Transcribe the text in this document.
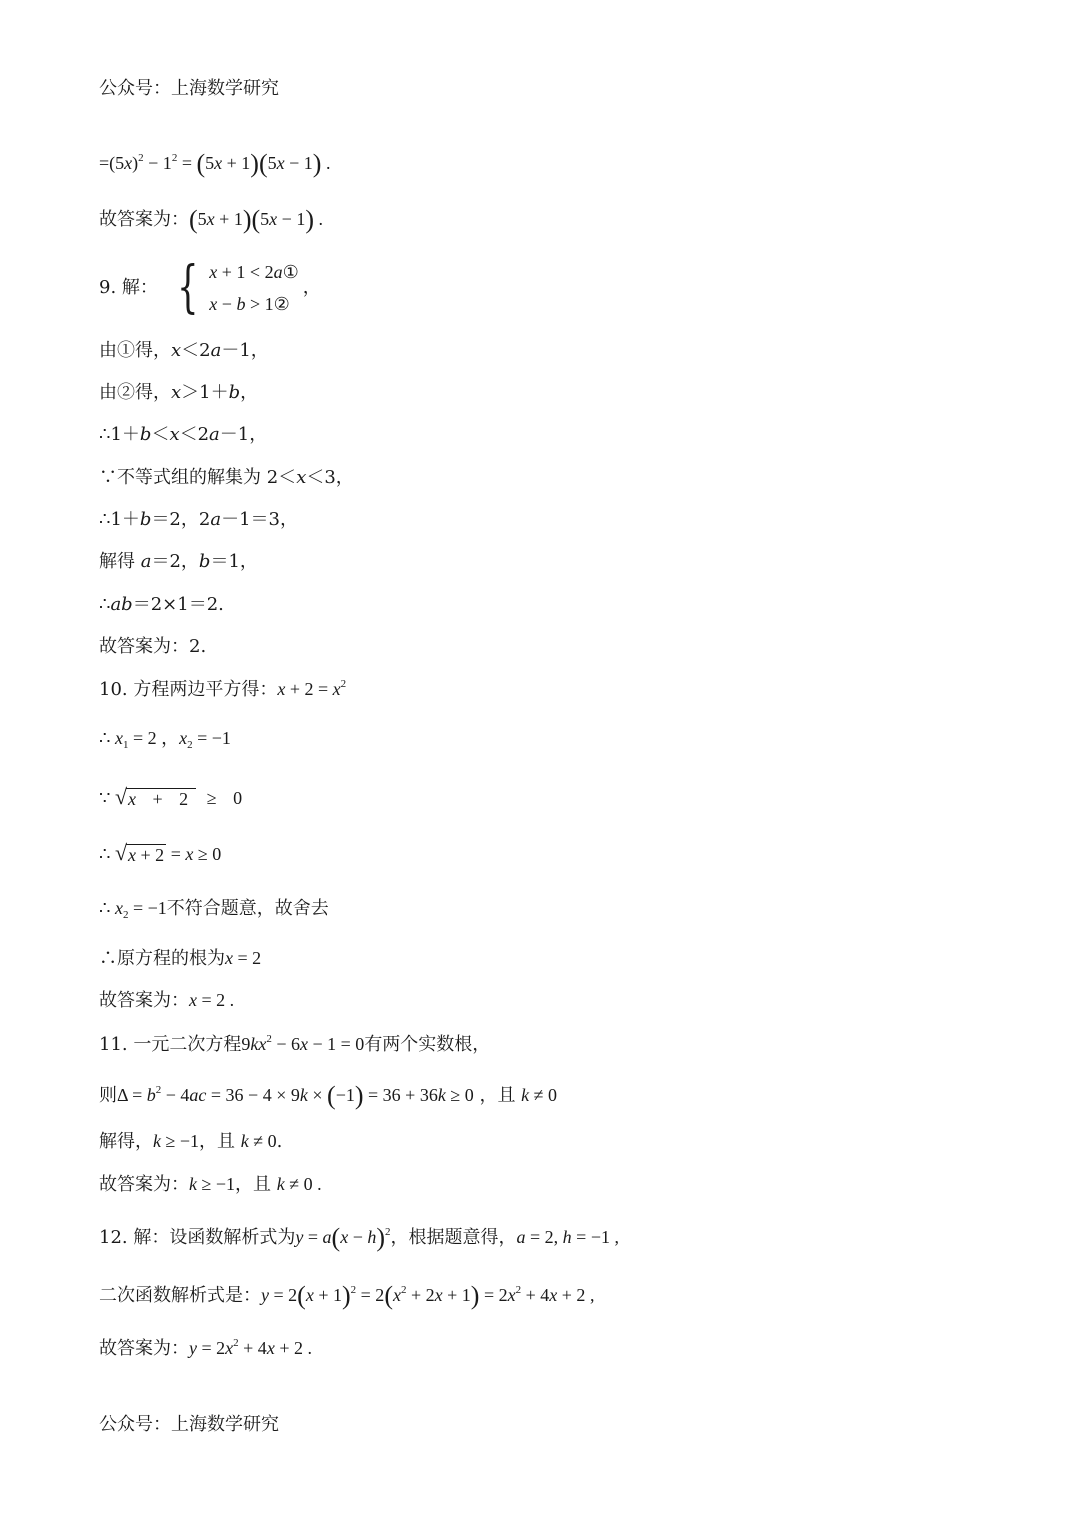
公众号：上海数学研究
$=(5x)^2 - 1^2 = (5x + 1)(5x - 1)$ .
故答案为：(5x + 1)(5x − 1) .
9. 解： { x + 1 < 2a①
x − b > 1②
，
由①得，x＜2a－1，
由②得，x＞1＋b，
∴1＋b＜x＜2a－1，
∵不等式组的解集为 2＜x＜3，
∴1＋b＝2，2a－1＝3，
解得 a＝2，b＝1，
∴ab＝2×1＝2.
故答案为：2.
10. 方程两边平方得：$x + 2 = x^2$
∴ $x_1 = 2$ ，$x_2 = -1$
∵ √ x + 2 ≥ 0
∴ √ x + 2 = x ≥ 0
∴ $x_2 = -1$不符合题意，故舍去
∴原方程的根为x = 2
故答案为：x = 2 .
11. 一元二次方程$9kx^2 - 6x - 1 = 0$有两个实数根，
则$\Delta = b^2 - 4ac = 36 - 4 \times 9k \times (-1) = 36 + 36k \ge 0$ ，且 k ≠ 0
解得，k ≥ −1，且 k ≠ 0.
故答案为：k ≥ −1，且 k ≠ 0 .
12. 解：设函数解析式为$y = a(x - h)^2$，根据题意得，a = 2, h = −1 ,
二次函数解析式是：$y = 2(x + 1)^2 = 2(x^2 + 2x + 1) = 2x^2 + 4x + 2$ ,
故答案为：$y = 2x^2 + 4x + 2$ .
公众号：上海数学研究
